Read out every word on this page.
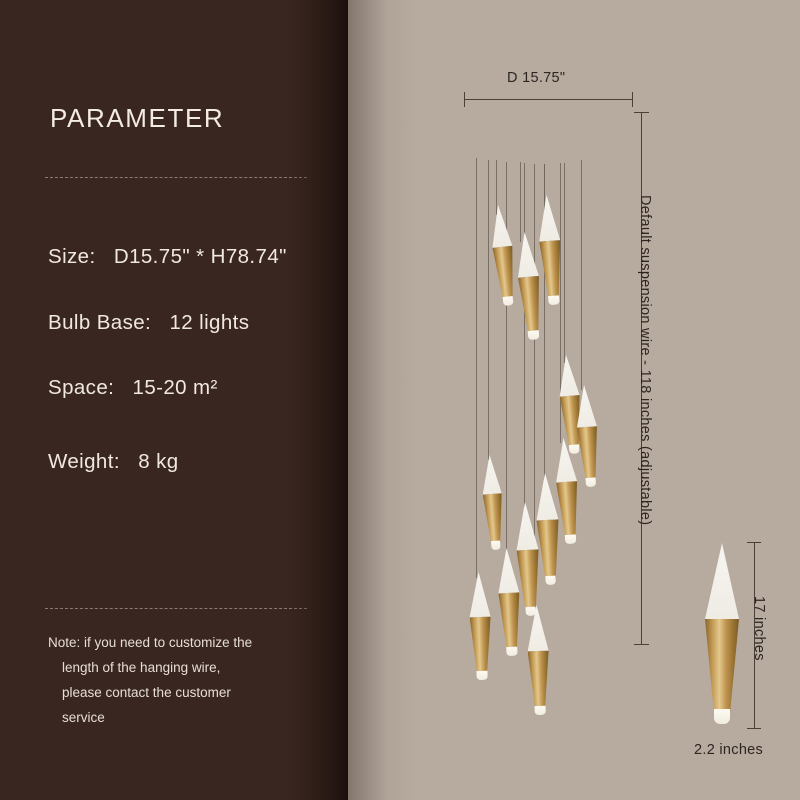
PARAMETER
Size: D15.75" * H78.74"
Bulb Base: 12 lights
Space: 15-20 m²
Weight: 8 kg
Note: if you need to customize the
length of the hanging wire,
please contact the customer
service
D 15.75"
Default suspension wire - 118 inches (adjustable)
17 inches
2.2 inches
